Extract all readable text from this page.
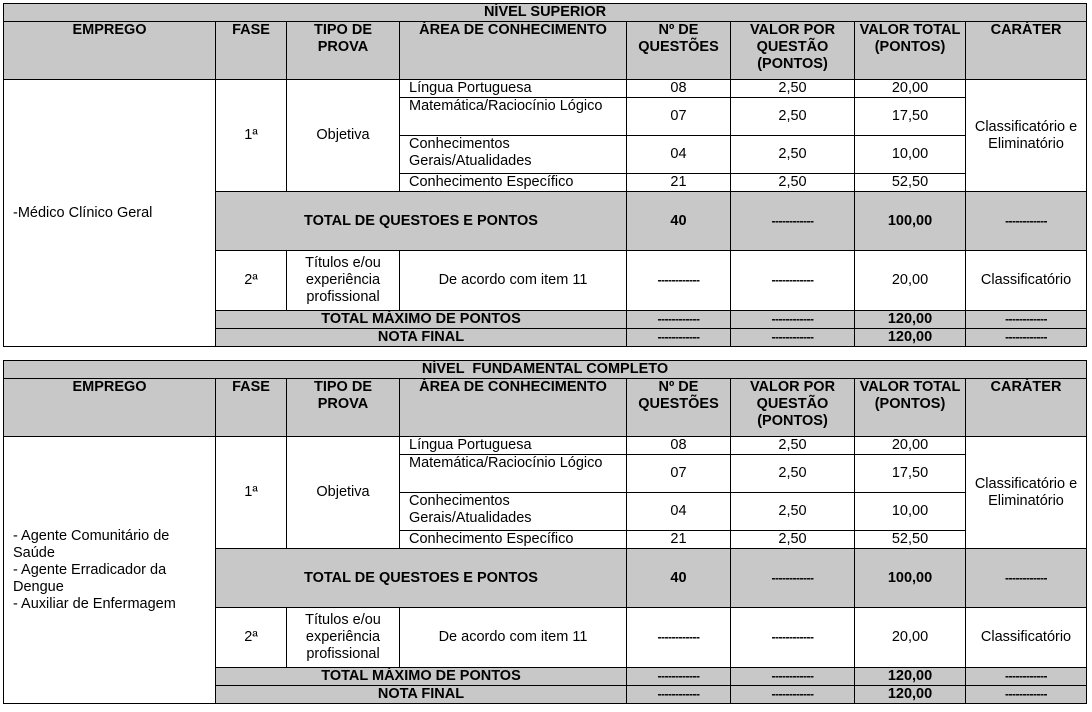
NÍVEL SUPERIOR							
EMPREGO	FASE	TIPO DE PROVA	ÁREA DE CONHECIMENTO	Nº DE QUESTÕES	VALOR POR QUESTÃO (PONTOS)	VALOR TOTAL (PONTOS)	CARÁTER

-Médico Clínico Geral	1ª	Objetiva	Língua Portuguesa	08	2,50	20,00	Classificatório e Eliminatório
			Matemática/Raciocínio Lógico	07	2,50	17,50	
			Conhecimentos Gerais/Atualidades	04	2,50	10,00	
			Conhecimento Específico	21	2,50	52,50	
	TOTAL DE QUESTOES E PONTOS			40	------------	100,00	------------
	2ª	Títulos e/ou experiência profissional	De acordo com item 11	------------	------------	20,00	Classificatório
	TOTAL MÁXIMO DE PONTOS			------------	------------	120,00	------------
	NOTA FINAL			------------	------------	120,00	------------
NÍVEL  FUNDAMENTAL COMPLETO							
EMPREGO	FASE	TIPO DE PROVA	ÁREA DE CONHECIMENTO	Nº DE QUESTÕES	VALOR POR QUESTÃO (PONTOS)	VALOR TOTAL (PONTOS)	CARÁTER

- Agente Comunitário de Saúde
- Agente Erradicador da Dengue
- Auxiliar de Enfermagem	1ª	Objetiva	Língua Portuguesa	08	2,50	20,00	Classificatório e Eliminatório
			Matemática/Raciocínio Lógico	07	2,50	17,50	
			Conhecimentos Gerais/Atualidades	04	2,50	10,00	
			Conhecimento Específico	21	2,50	52,50	
	TOTAL DE QUESTOES E PONTOS			40	------------	100,00	------------
	2ª	Títulos e/ou experiência profissional	De acordo com item 11	------------	------------	20,00	Classificatório
	TOTAL MÁXIMO DE PONTOS			------------	------------	120,00	------------
	NOTA FINAL			------------	------------	120,00	------------
